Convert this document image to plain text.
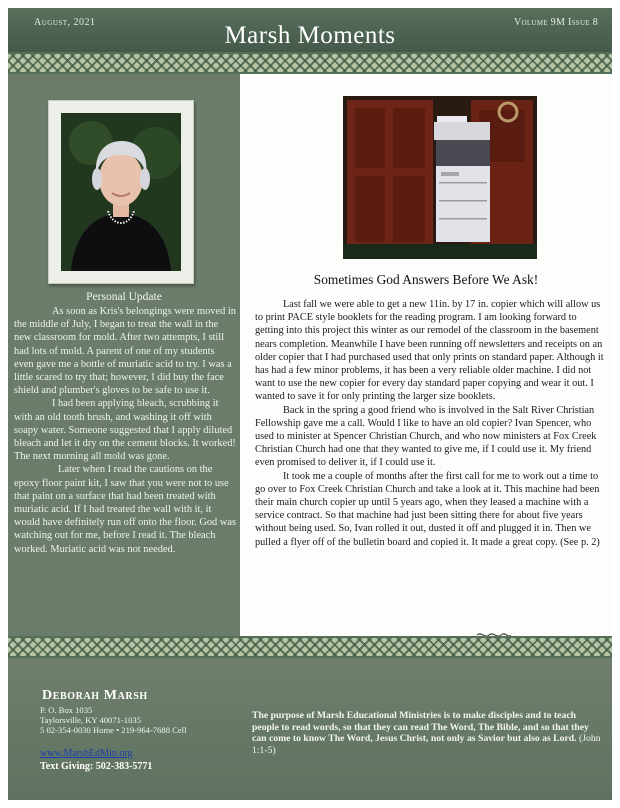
August, 2021	Marsh Moments	Volume 9M Issue 8
Personal Update

As soon as Kris's belongings were moved in the middle of July, I began to treat the wall in the new classroom for mold. After two attempts, I still had lots of mold. A parent of one of my students even gave me a bottle of muriatic acid to try. I was a little scared to try that; however, I did buy the face shield and plumber's gloves to be safe to use it.

I had been applying bleach, scrubbing it with an old tooth brush, and washing it off with soapy water. Someone suggested that I apply diluted bleach and let it dry on the cement blocks. It worked! The next morning all mold was gone.

Later when I read the cautions on the epoxy floor paint kit, I saw that you were not to use that paint on a surface that had been treated with muriatic acid. If I had treated the wall with it, it would have definitely run off onto the floor. God was watching out for me, before I read it. The bleach worked. Muriatic acid was not needed.

Sometimes God Answers Before We Ask!

Last fall we were able to get a new 11in. by 17 in. copier which will allow us to print PACE style booklets for the reading program. I am looking forward to getting into this project this winter as our remodel of the classroom in the basement nears completion. Meanwhile I have been running off newsletters and receipts on an older copier that I had purchased used that only prints on standard paper. Although it has had a few minor problems, it has been a very reliable older machine. I did not want to use the new copier for every day standard paper copying and wear it out. I wanted to save it for only printing the larger size booklets.

Back in the spring a good friend who is involved in the Salt River Christian Fellowship gave me a call. Would I like to have an old copier? Ivan Spencer, who used to minister at Spencer Christian Church, and who now ministers at Fox Creek Christian Church had one that they wanted to give me, if I could use it. My friend even promised to deliver it, if I could use it.

It took me a couple of months after the first call for me to work out a time to go over to Fox Creek Christian Church and take a look at it. This machine had been their main church copier up until 5 years ago, when they leased a machine with a service contract. So that machine had just been sitting there for about five years without being used. So, Ivan rolled it out, dusted it off and plugged it in. Then we pulled a flyer off of the bulletin board and copied it. It made a great copy. (See p. 2)

Deborah Marsh
P. O. Box 1035
Taylorsville, KY 40071-1035
5 02-354-0030 Home • 219-964-7688 Cell
www.MarshEdMin.org
Text Giving: 502-383-5771
The purpose of Marsh Educational Ministries is to make disciples and to teach people to read words, so that they can read The Word, The Bible, and so that they can come to know The Word, Jesus Christ, not only as Savior but also as Lord. (John 1:1-5)
